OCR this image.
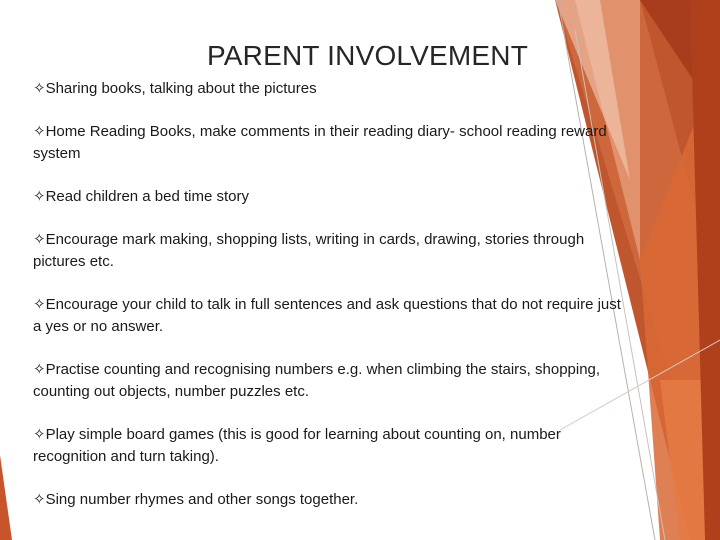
PARENT INVOLVEMENT
✧Sharing books, talking about the pictures
✧Home Reading Books, make comments in their reading diary- school reading reward system
✧Read children a bed time story
✧Encourage mark making, shopping lists, writing in cards, drawing, stories through pictures etc.
✧Encourage your child to talk in full sentences and ask questions that do not require just a yes or no answer.
✧Practise counting and recognising numbers e.g. when climbing the stairs, shopping, counting out objects, number puzzles etc.
✧Play simple board games (this is good for learning about counting on, number recognition and turn taking).
✧Sing number rhymes and other songs together.
